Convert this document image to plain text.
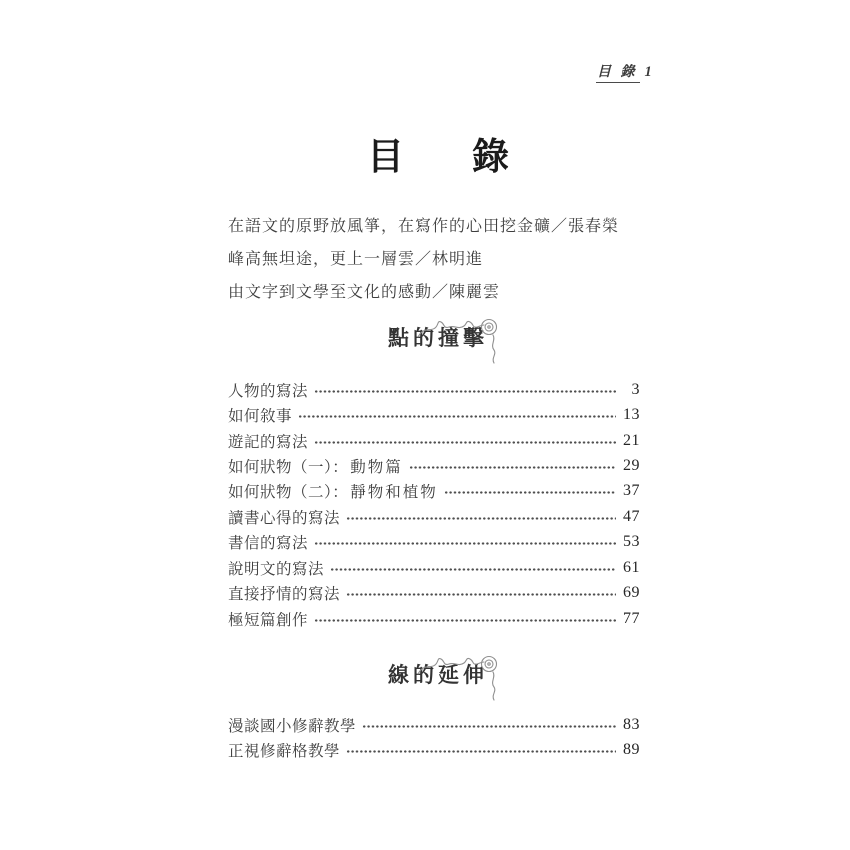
目 錄 1
目 錄
在語文的原野放風箏，在寫作的心田挖金礦／張春榮
峰高無坦途，更上一層雲／林明進
由文字到文學至文化的感動／陳麗雲
點的撞擊
人物的寫法	3
如何敘事	13
遊記的寫法	21
如何狀物（一）： 動物篇	29
如何狀物（二）： 靜物和植物	37
讀書心得的寫法	47
書信的寫法	53
說明文的寫法	61
直接抒情的寫法	69
極短篇創作	77
線的延伸
漫談國小修辭教學	83
正視修辭格教學	89
